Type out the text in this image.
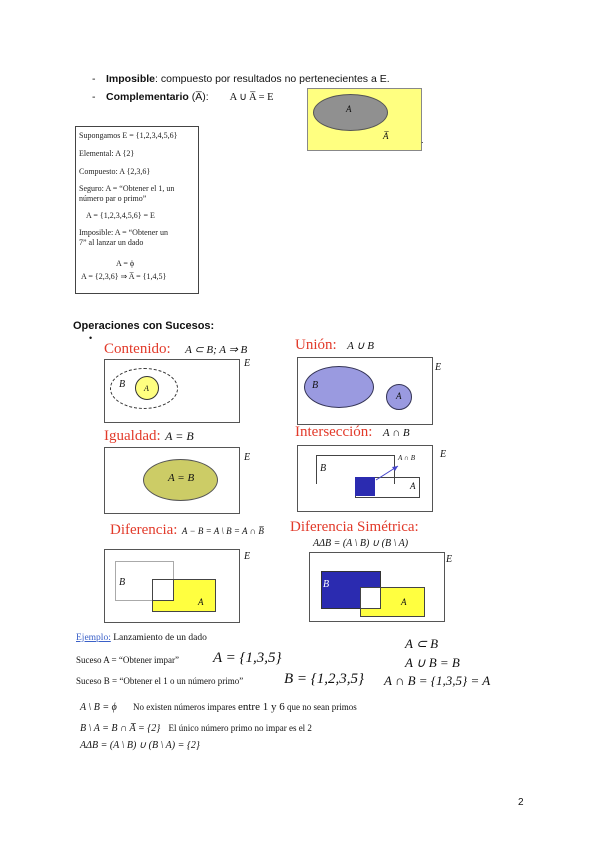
- Imposible: compuesto por resultados no pertenecientes a E.
- Complementario (A̅): A ∪ A̅ = E
A
A̅	.
Supongamos E = {1,2,3,4,5,6}
Elemental: A {2}
Compuesto: A {2,3,6}
Seguro: A = “Obtener el 1, un
número par o primo”
A = {1,2,3,4,5,6} = E
Imposible: A = “Obtener un
7” al lanzar un dado
A = ϕ
A = {2,3,6} ⇒ A̅ = {1,4,5}
Operaciones con Sucesos:
•
Contenido: A ⊂ B; A ⇒ B
B A
E
Unión: A ∪ B
B
A
E
Igualdad: A = B
A = B
E
Intersección: A ∩ B
B
A
A ∩ B	E
Diferencia: A − B = A \ B = A ∩ B̅
B
A
E
Diferencia Simétrica:
AΔB = (A \ B) ∪ (B \ A)
B
A
E
Ejemplo: Lanzamiento de un dado
Suceso A = “Obtener impar” A = {1,3,5}
Suceso B = “Obtener el 1 o un número primo”	B = {1,2,3,5}
A ⊂ B
A ∪ B = B
A ∩ B = {1,3,5} = A
A \ B = ϕ No existen números impares entre 1 y 6 que no sean primos
B \ A = B ∩ A̅ = {2} El único número primo no impar es el 2
AΔB = (A \ B) ∪ (B \ A) = {2}
2
